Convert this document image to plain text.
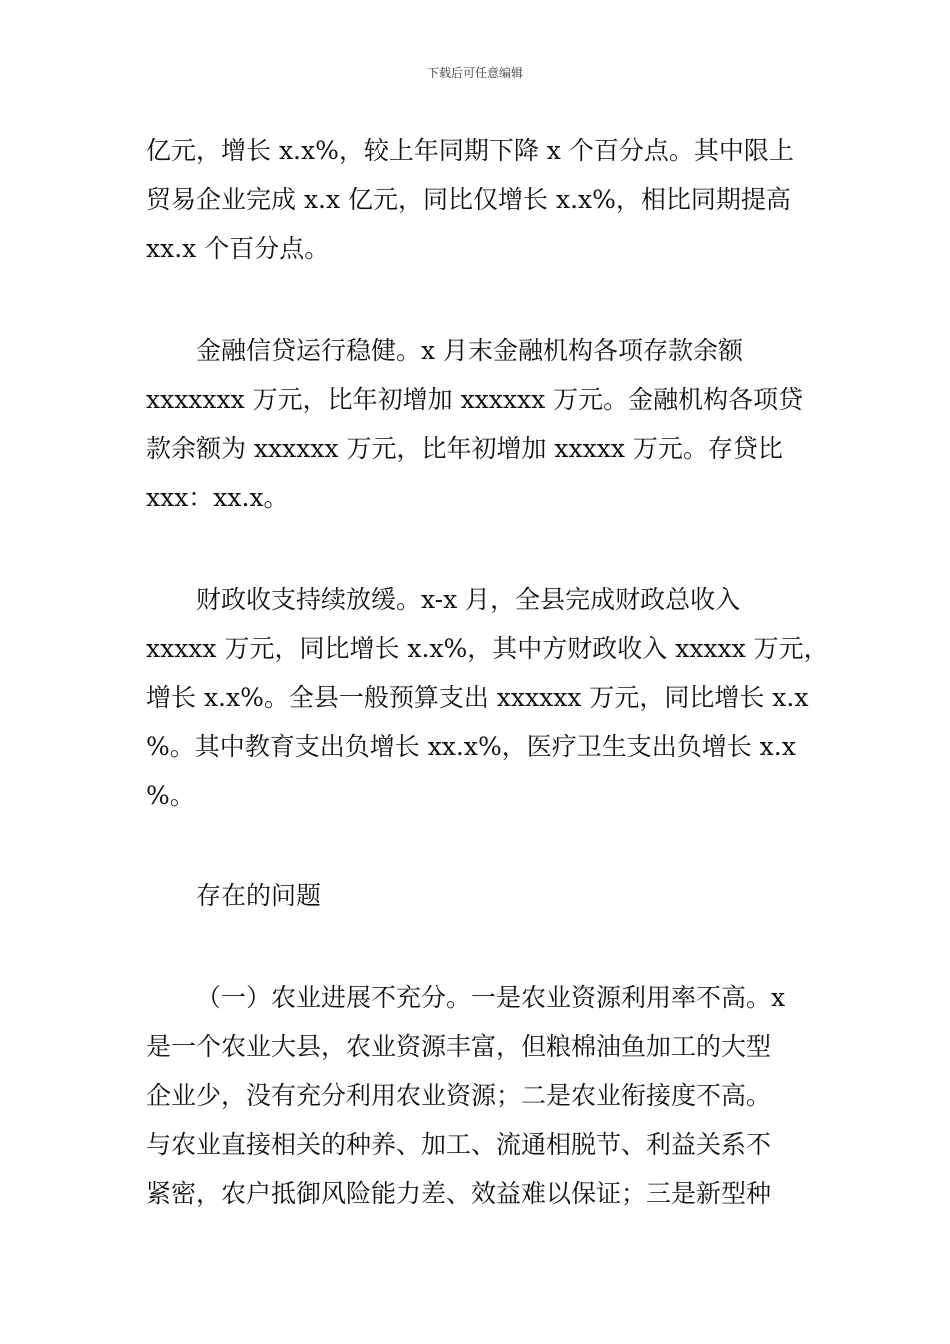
下载后可任意编辑
亿元，增长 x.x%，较上年同期下降 x 个百分点。其中限上
贸易企业完成 x.x 亿元，同比仅增长 x.x%，相比同期提高
xx.x 个百分点。
金融信贷运行稳健。x 月末金融机构各项存款余额
xxxxxxx 万元，比年初增加 xxxxxx 万元。金融机构各项贷
款余额为 xxxxxx 万元，比年初增加 xxxxx 万元。存贷比
xxx：xx.x。
财政收支持续放缓。x-x 月，全县完成财政总收入
xxxxx 万元，同比增长 x.x%，其中方财政收入 xxxxx 万元，
增长 x.x%。全县一般预算支出 xxxxxx 万元，同比增长 x.x
%。其中教育支出负增长 xx.x%，医疗卫生支出负增长 x.x
%。
存在的问题
（一）农业进展不充分。一是农业资源利用率不高。x
是一个农业大县，农业资源丰富，但粮棉油鱼加工的大型
企业少，没有充分利用农业资源；二是农业衔接度不高。
与农业直接相关的种养、加工、流通相脱节、利益关系不
紧密，农户抵御风险能力差、效益难以保证；三是新型种
